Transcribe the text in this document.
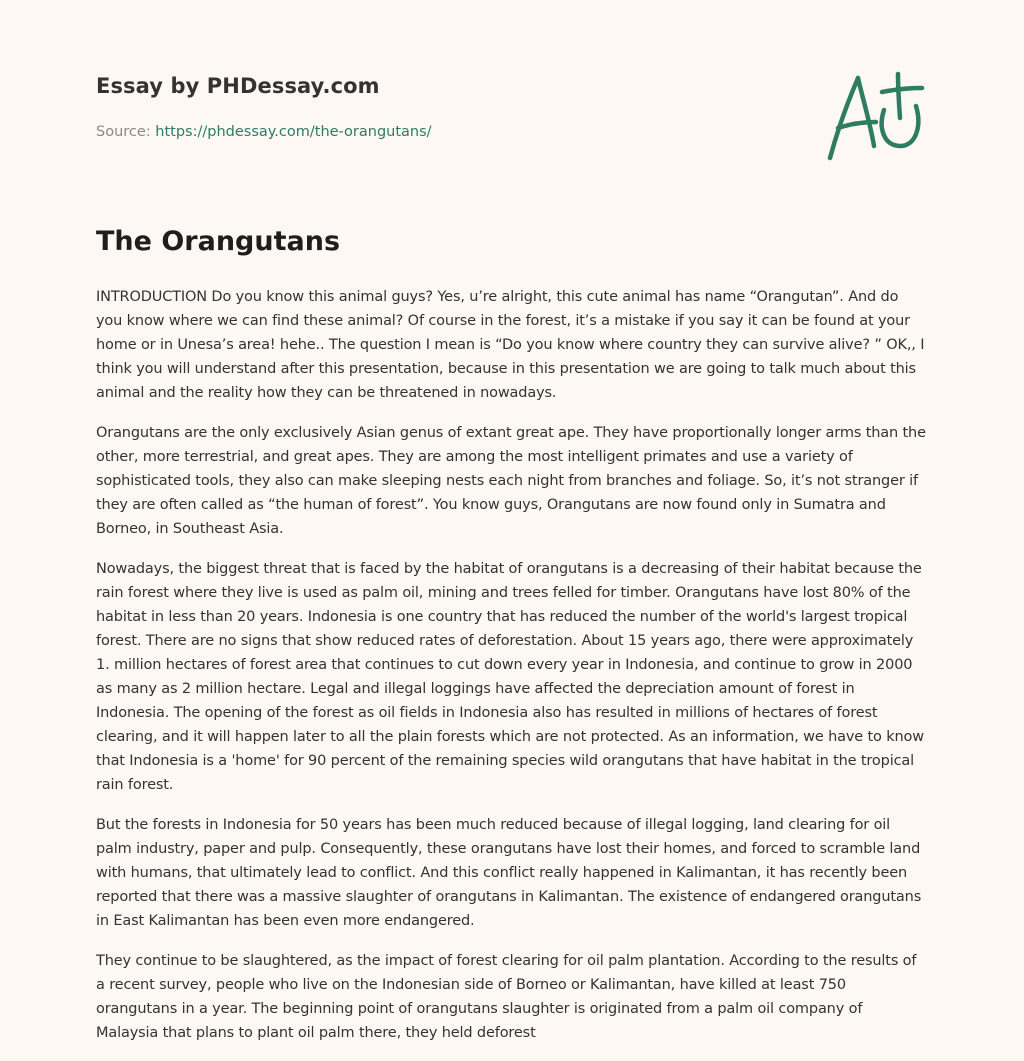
Essay by PHDessay.com
Source: https://phdessay.com/the-orangutans/
The Orangutans

INTRODUCTION Do you know this animal guys? Yes, u’re alright, this cute animal has name “Orangutan”. And do you know where we can find these animal? Of course in the forest, it’s a mistake if you say it can be found at your home or in Unesa’s area! hehe.. The question I mean is “Do you know where country they can survive alive? ” OK,, I think you will understand after this presentation, because in this presentation we are going to talk much about this animal and the reality how they can be threatened in nowadays.

Orangutans are the only exclusively Asian genus of extant great ape. They have proportionally longer arms than the other, more terrestrial, and great apes. They are among the most intelligent primates and use a variety of sophisticated tools, they also can make sleeping nests each night from branches and foliage. So, it’s not stranger if they are often called as “the human of forest”. You know guys, Orangutans are now found only in Sumatra and Borneo, in Southeast Asia.

Nowadays, the biggest threat that is faced by the habitat of orangutans is a decreasing of their habitat because the rain forest where they live is used as palm oil, mining and trees felled for timber. Orangutans have lost 80% of the habitat in less than 20 years. Indonesia is one country that has reduced the number of the world's largest tropical forest. There are no signs that show reduced rates of deforestation. About 15 years ago, there were approximately 1. million hectares of forest area that continues to cut down every year in Indonesia, and continue to grow in 2000 as many as 2 million hectare. Legal and illegal loggings have affected the depreciation amount of forest in Indonesia. The opening of the forest as oil fields in Indonesia also has resulted in millions of hectares of forest clearing, and it will happen later to all the plain forests which are not protected. As an information, we have to know that Indonesia is a 'home' for 90 percent of the remaining species wild orangutans that have habitat in the tropical rain forest.

But the forests in Indonesia for 50 years has been much reduced because of illegal logging, land clearing for oil palm industry, paper and pulp. Consequently, these orangutans have lost their homes, and forced to scramble land with humans, that ultimately lead to conflict. And this conflict really happened in Kalimantan, it has recently been reported that there was a massive slaughter of orangutans in Kalimantan. The existence of endangered orangutans in East Kalimantan has been even more endangered.

They continue to be slaughtered, as the impact of forest clearing for oil palm plantation. According to the results of a recent survey, people who live on the Indonesian side of Borneo or Kalimantan, have killed at least 750 orangutans in a year. The beginning point of orangutans slaughter is originated from a palm oil company of Malaysia that plans to plant oil palm there, they held deforest
